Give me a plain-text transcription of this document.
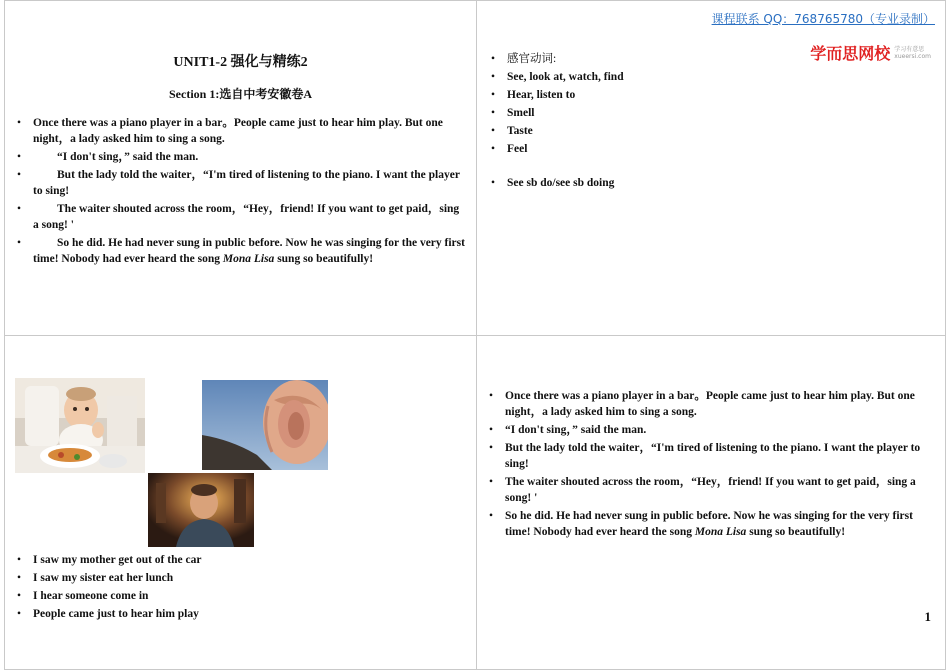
UNIT1-2 强化与精练2
Section 1:选自中考安徽卷A
• Once there was a piano player in a bar。People came just to hear him play. But one night，a lady asked him to sing a song.
•	“I don't sing，” said the man.
•	But the lady told the waiter，“I'm tired of listening to the piano. I want the player to sing!
•	The waiter shouted across the room，“Hey，friend! If you want to get paid，sing a song! '
•	So he did. He had never sung in public before. Now he was singing for the very first time! Nobody had ever heard the song Mona Lisa sung so beautifully!
课程联系 QQ：768765780（专业录制）
学而思网校 学习有意思
xueersi.com
• 感官动词:
• See, look at, watch, find
• Hear, listen to
• Smell
• Taste
• Feel
• See sb do/see sb doing
• I saw my mother get out of the car
• I saw my sister eat her lunch
• I hear someone come in
• People came just to hear him play
• Once there was a piano player in a bar。People came just to hear him play. But one night，a lady asked him to sing a song.
• “I don't sing，” said the man.
• But the lady told the waiter，“I'm tired of listening to the piano. I want the player to sing!
• The waiter shouted across the room，“Hey，friend! If you want to get paid，sing a song! '
• So he did. He had never sung in public before. Now he was singing for the very first time! Nobody had ever heard the song Mona Lisa sung so beautifully!
1
